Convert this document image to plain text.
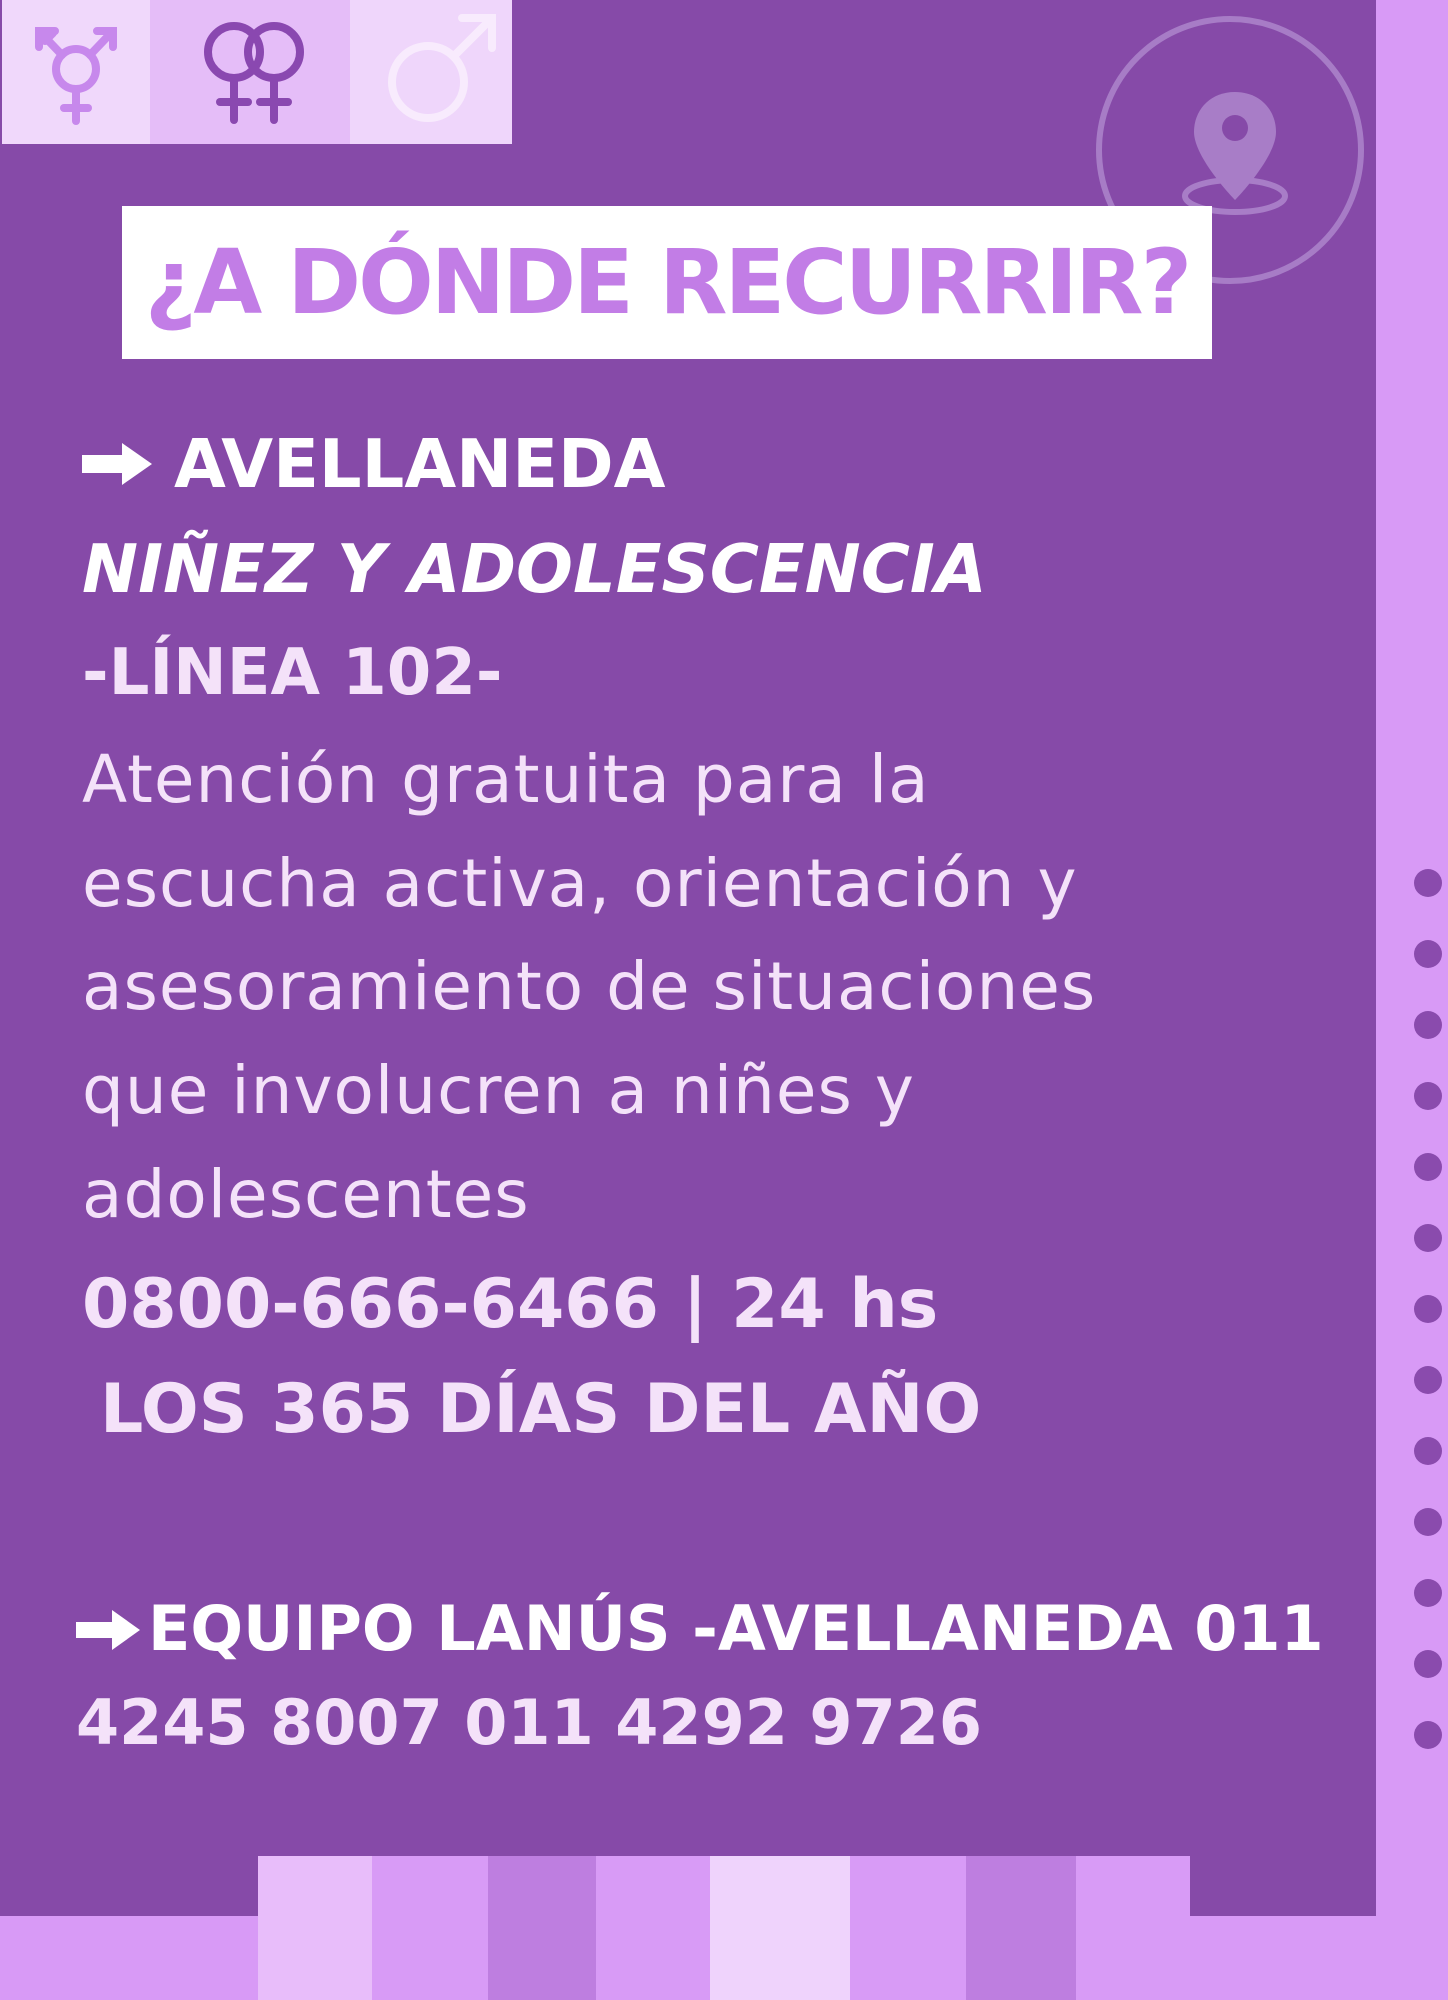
¿A DÓNDE RECURRIR?
AVELLANEDA
NIÑEZ Y ADOLESCENCIA
-LÍNEA 102-
Atención gratuita para la
escucha activa, orientación y
asesoramiento de situaciones
que involucren a niñes y
adolescentes
0800-666-6466 | 24 hs
LOS 365 DÍAS DEL AÑO
EQUIPO LANÚS -AVELLANEDA 011
4245 8007 011 4292 9726
